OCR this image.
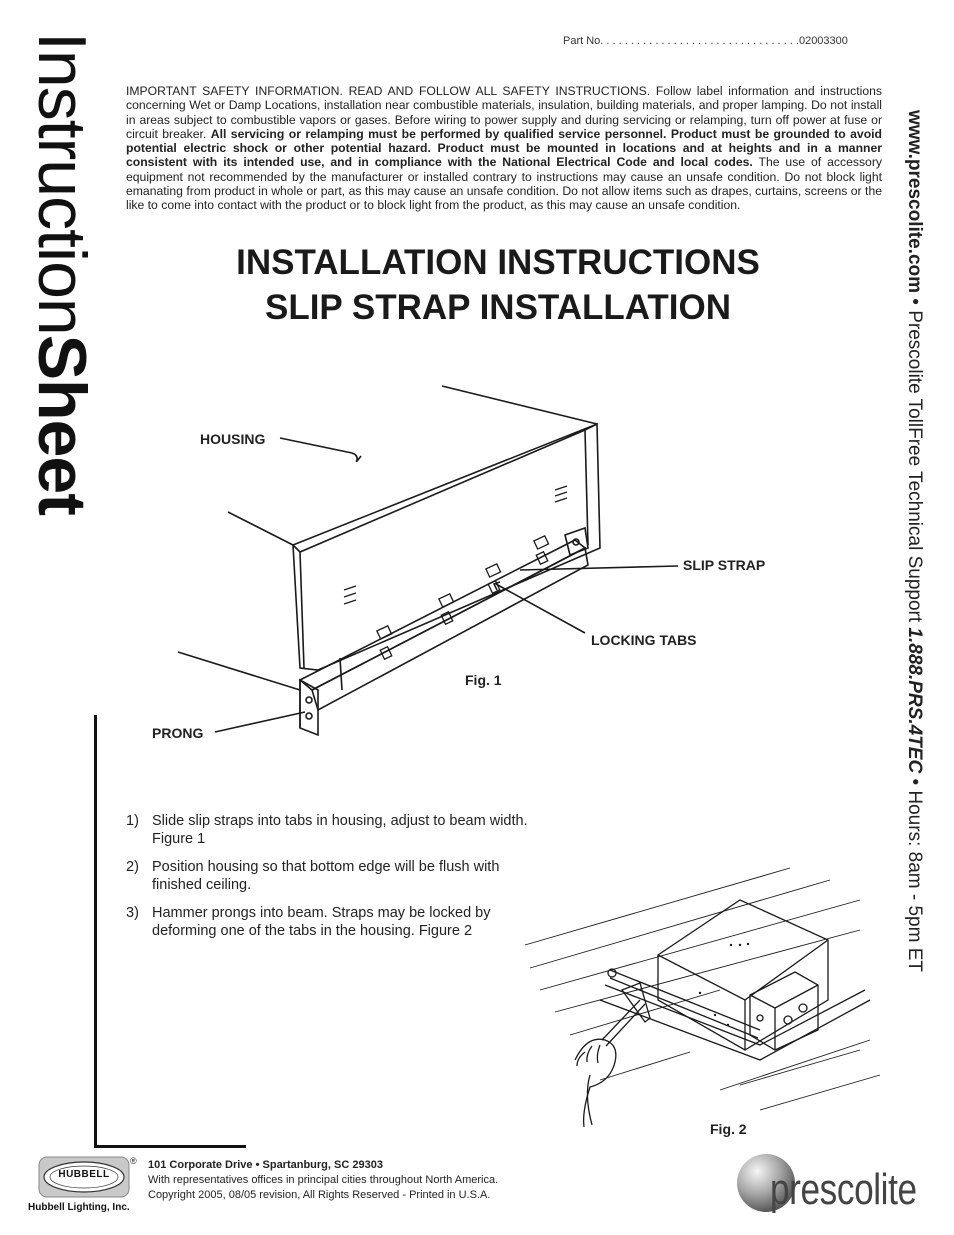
Part No. . . . . . . . . . . . . . . . . . . . . . . . . . . . . . . . .02003300
InstructionSheet
IMPORTANT SAFETY INFORMATION. READ AND FOLLOW ALL SAFETY INSTRUCTIONS. Follow label information and instructions concerning Wet or Damp Locations, installation near combustible materials, insulation, building materials, and proper lamping. Do not install in areas subject to combustible vapors or gases. Before wiring to power supply and during servicing or relamping, turn off power at fuse or circuit breaker. All servicing or relamping must be performed by qualified service personnel. Product must be grounded to avoid potential electric shock or other potential hazard. Product must be mounted in locations and at heights and in a manner consistent with its intended use, and in compliance with the National Electrical Code and local codes. The use of accessory equipment not recommended by the manufacturer or installed contrary to instructions may cause an unsafe condition. Do not block light emanating from product in whole or part, as this may cause an unsafe condition. Do not allow items such as drapes, curtains, screens or the like to come into contact with the product or to block light from the product, as this may cause an unsafe condition.
INSTALLATION INSTRUCTIONS
SLIP STRAP INSTALLATION
www.prescolite.com • Prescolite TollFree Technical Support 1.888.PRS.4TEC • Hours: 8am - 5pm ET
HOUSING
SLIP STRAP
LOCKING TABS
PRONG
Fig. 1
1) Slide slip straps into tabs in housing, adjust to beam width. Figure 1
2) Position housing so that bottom edge will be flush with finished ceiling.
3) Hammer prongs into beam. Straps may be locked by deforming one of the tabs in the housing. Figure 2
Fig. 2
HUBBELL
®
Hubbell Lighting, Inc.
101 Corporate Drive • Spartanburg, SC 29303
With representatives offices in principal cities throughout North America.
Copyright 2005, 08/05 revision, All Rights Reserved - Printed in U.S.A.	prescolite
